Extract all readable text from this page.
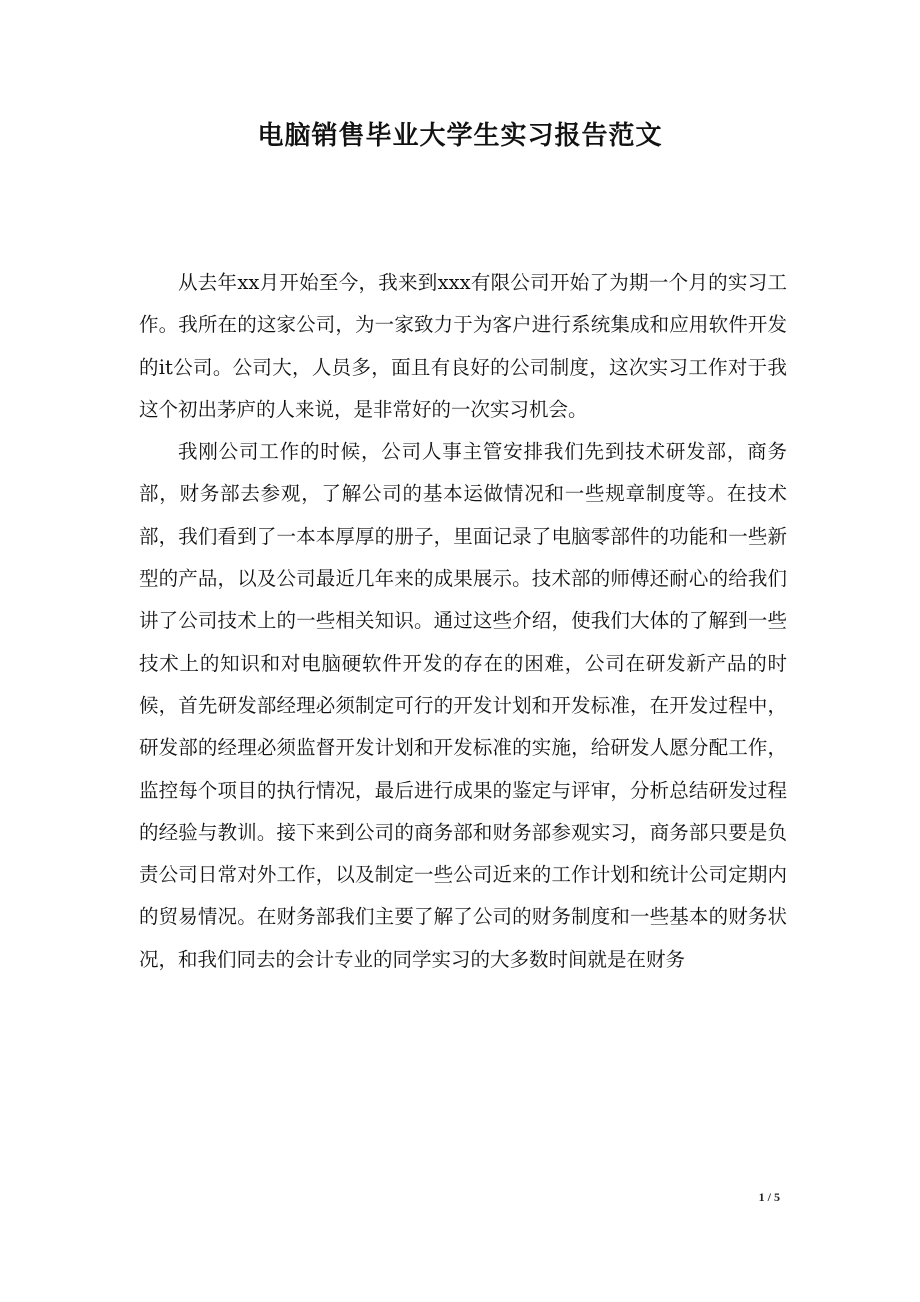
电脑销售毕业大学生实习报告范文

从去年xx月开始至今，我来到xxx有限公司开始了为期一个月的实习工作。我所在的这家公司，为一家致力于为客户进行系统集成和应用软件开发的it公司。公司大，人员多，面且有良好的公司制度，这次实习工作对于我这个初出茅庐的人来说，是非常好的一次实习机会。

我刚公司工作的时候，公司人事主管安排我们先到技术研发部，商务部，财务部去参观，了解公司的基本运做情况和一些规章制度等。在技术部，我们看到了一本本厚厚的册子，里面记录了电脑零部件的功能和一些新型的产品，以及公司最近几年来的成果展示。技术部的师傅还耐心的给我们讲了公司技术上的一些相关知识。通过这些介绍，使我们大体的了解到一些技术上的知识和对电脑硬软件开发的存在的困难，公司在研发新产品的时候，首先研发部经理必须制定可行的开发计划和开发标准，在开发过程中，研发部的经理必须监督开发计划和开发标准的实施，给研发人愿分配工作，监控每个项目的执行情况，最后进行成果的鉴定与评审，分析总结研发过程的经验与教训。接下来到公司的商务部和财务部参观实习，商务部只要是负责公司日常对外工作，以及制定一些公司近来的工作计划和统计公司定期内的贸易情况。在财务部我们主要了解了公司的财务制度和一些基本的财务状况，和我们同去的会计专业的同学实习的大多数时间就是在财务

1 / 5
